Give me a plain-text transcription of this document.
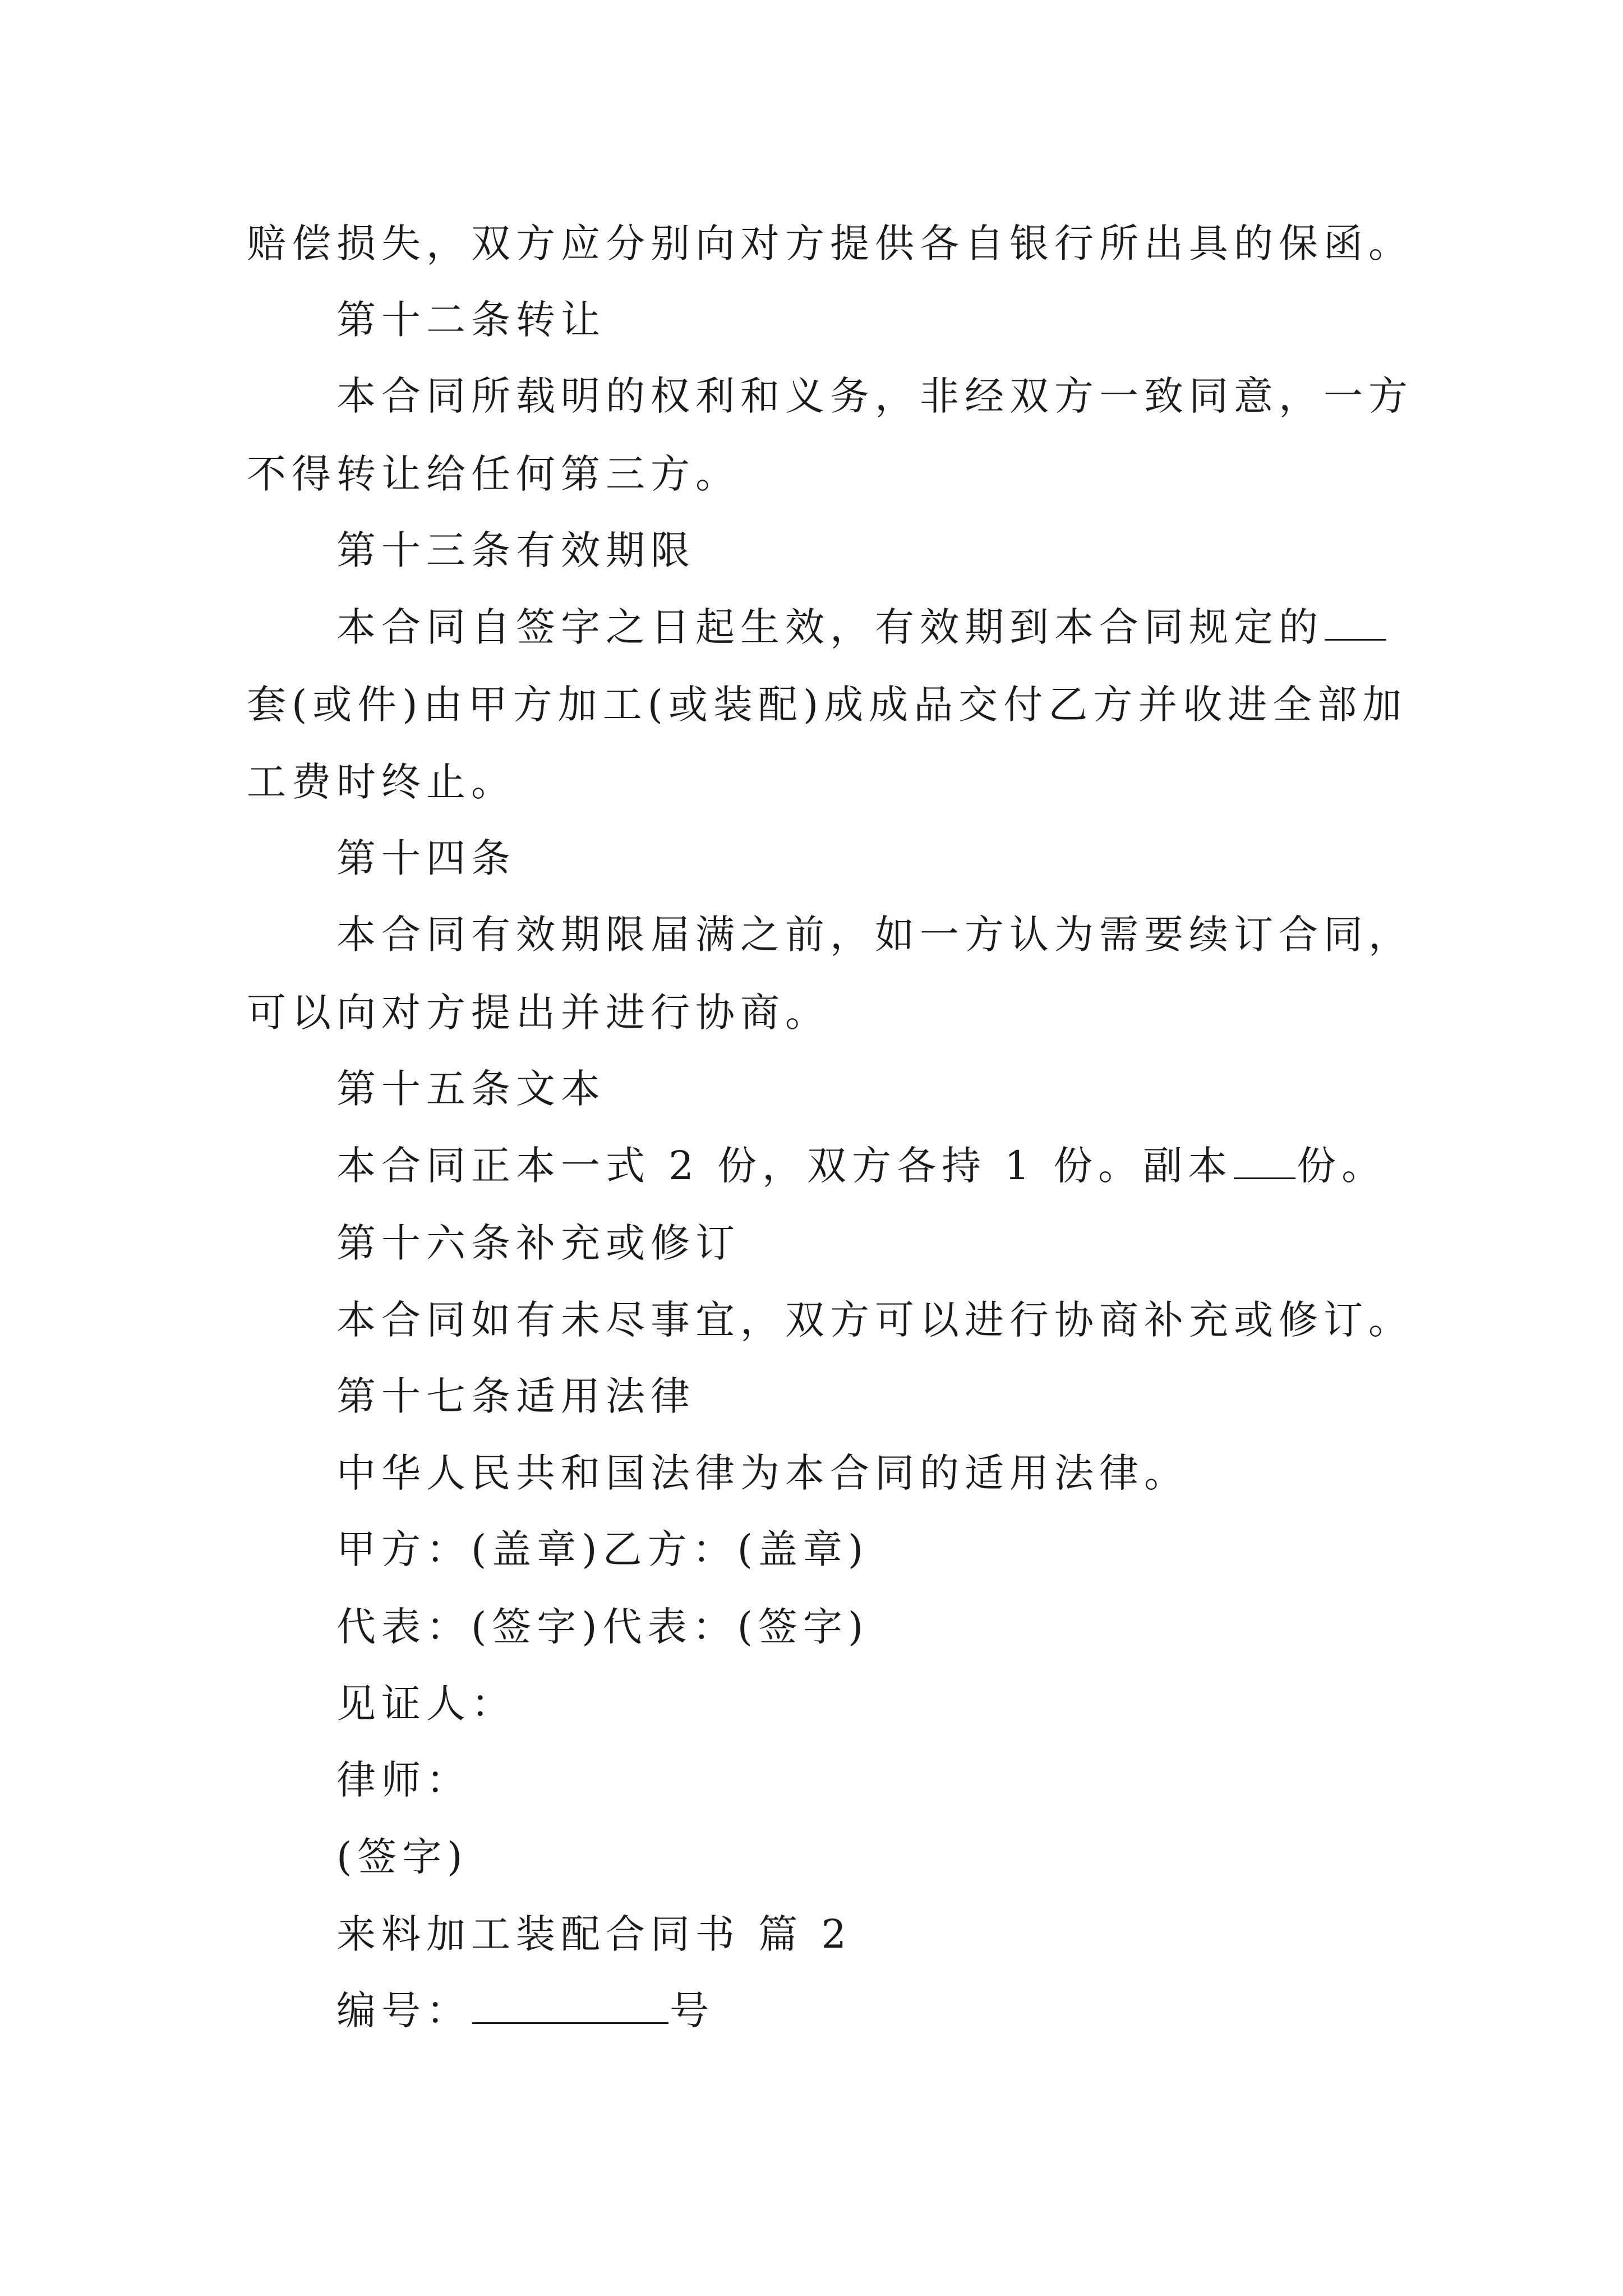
赔偿损失，双方应分别向对方提供各自银行所出具的保函。
第十二条转让
本合同所载明的权利和义务，非经双方一致同意，一方
不得转让给任何第三方。
第十三条有效期限
本合同自签字之日起生效，有效期到本合同规定的
套(或件)由甲方加工(或装配)成成品交付乙方并收进全部加
工费时终止。
第十四条
本合同有效期限届满之前，如一方认为需要续订合同，
可以向对方提出并进行协商。
第十五条文本
本合同正本一式 2 份，双方各持 1 份。副本 份。
第十六条补充或修订
本合同如有未尽事宜，双方可以进行协商补充或修订。
第十七条适用法律
中华人民共和国法律为本合同的适用法律。
甲方：(盖章)乙方：(盖章)
代表：(签字)代表：(签字)
见证人：
律师：
(签字)
来料加工装配合同书 篇 2
编号：	号
